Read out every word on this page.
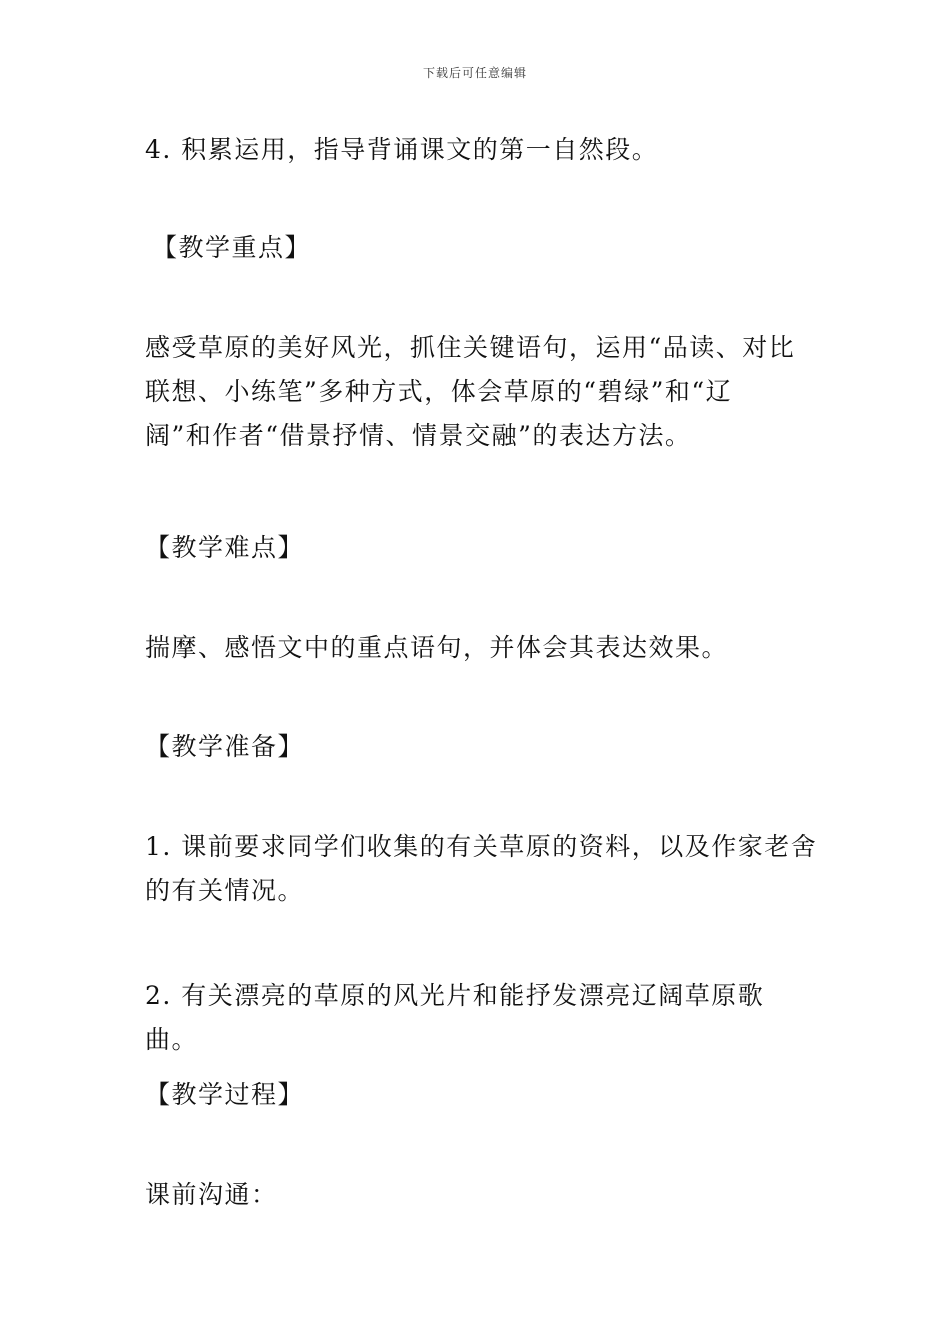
下载后可任意编辑

4. 积累运用，指导背诵课文的第一自然段。

【教学重点】

感受草原的美好风光，抓住关键语句，运用“品读、对比
联想、小练笔”多种方式，体会草原的“碧绿”和“辽
阔”和作者“借景抒情、情景交融”的表达方法。

【教学难点】

揣摩、感悟文中的重点语句，并体会其表达效果。

【教学准备】

1. 课前要求同学们收集的有关草原的资料，以及作家老舍
的有关情况。

2. 有关漂亮的草原的风光片和能抒发漂亮辽阔草原歌曲。

【教学过程】

课前沟通：
